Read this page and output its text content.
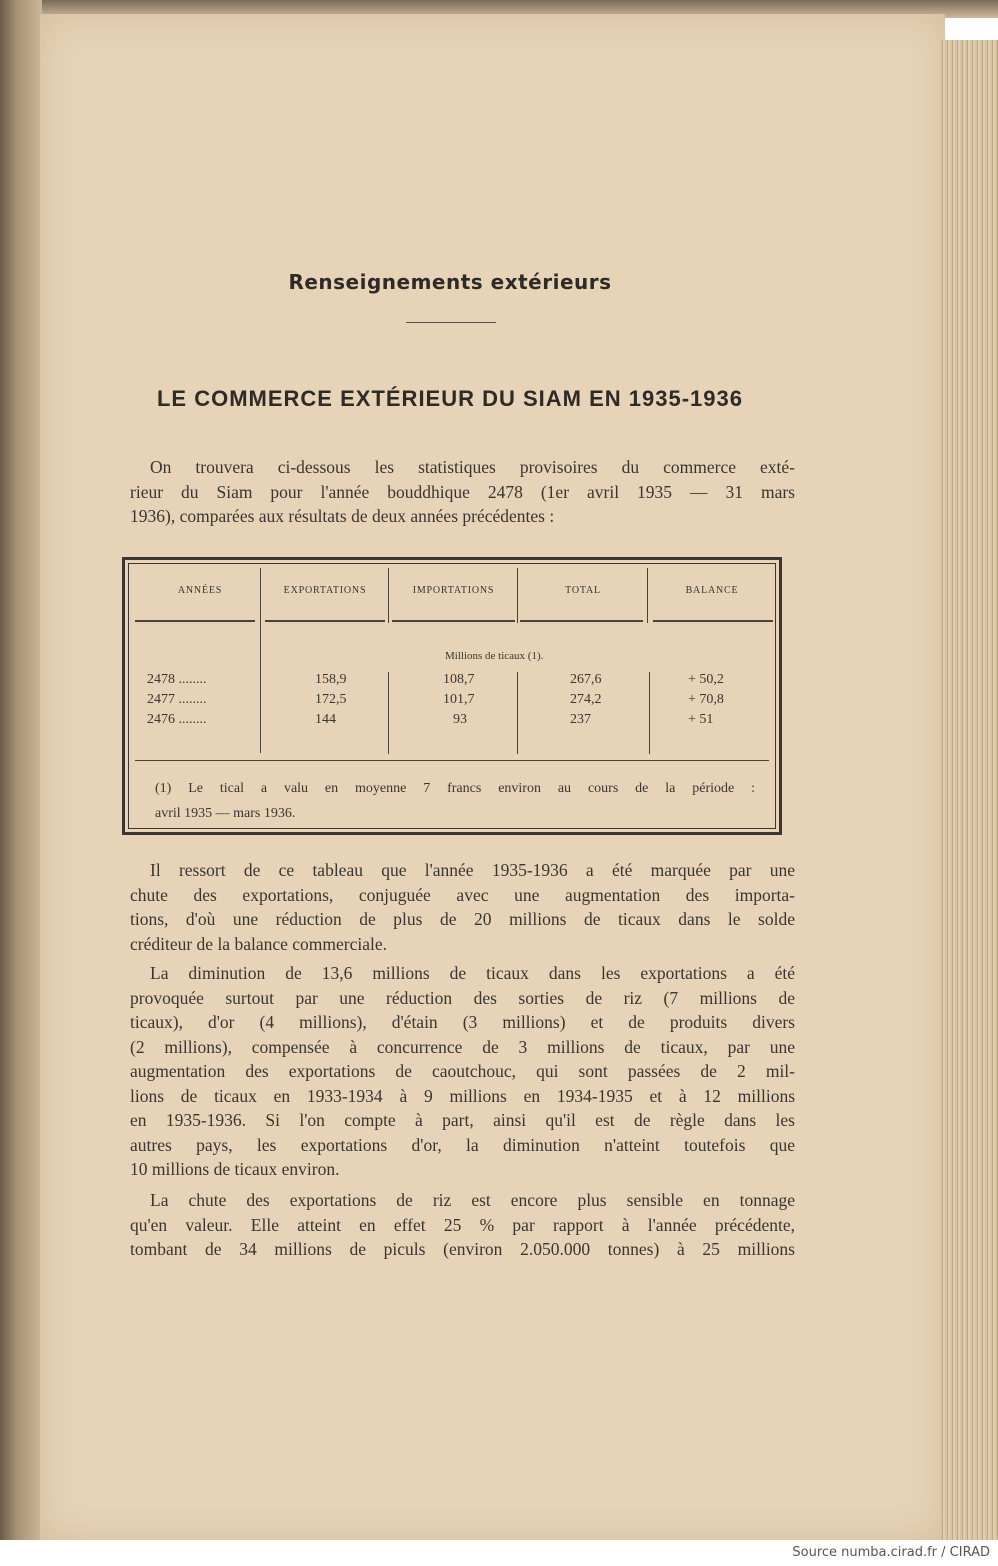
Renseignements extérieurs
LE COMMERCE EXTÉRIEUR DU SIAM EN 1935-1936
On trouvera ci-dessous les statistiques provisoires du commerce exté-
rieur du Siam pour l'année bouddhique 2478 (1er avril 1935 — 31 mars
1936), comparées aux résultats de deux années précédentes :
ANNÉES	EXPORTATIONS	IMPORTATIONS	TOTAL	BALANCE
Millions de ticaux (1).
2478 ........	158,9	108,7	267,6	+ 50,2
2477 ........	172,5	101,7	274,2	+ 70,8
2476 ........	144	93	237	+ 51
(1) Le tical a valu en moyenne 7 francs environ au cours de la période :
avril 1935 — mars 1936.
Il ressort de ce tableau que l'année 1935-1936 a été marquée par une
chute des exportations, conjuguée avec une augmentation des importa-
tions, d'où une réduction de plus de 20 millions de ticaux dans le solde
créditeur de la balance commerciale.
La diminution de 13,6 millions de ticaux dans les exportations a été
provoquée surtout par une réduction des sorties de riz (7 millions de
ticaux), d'or (4 millions), d'étain (3 millions) et de produits divers
(2 millions), compensée à concurrence de 3 millions de ticaux, par une
augmentation des exportations de caoutchouc, qui sont passées de 2 mil-
lions de ticaux en 1933-1934 à 9 millions en 1934-1935 et à 12 millions
en 1935-1936. Si l'on compte à part, ainsi qu'il est de règle dans les
autres pays, les exportations d'or, la diminution n'atteint toutefois que
10 millions de ticaux environ.
La chute des exportations de riz est encore plus sensible en tonnage
qu'en valeur. Elle atteint en effet 25 % par rapport à l'année précédente,
tombant de 34 millions de piculs (environ 2.050.000 tonnes) à 25 millions
Source numba.cirad.fr / CIRAD
